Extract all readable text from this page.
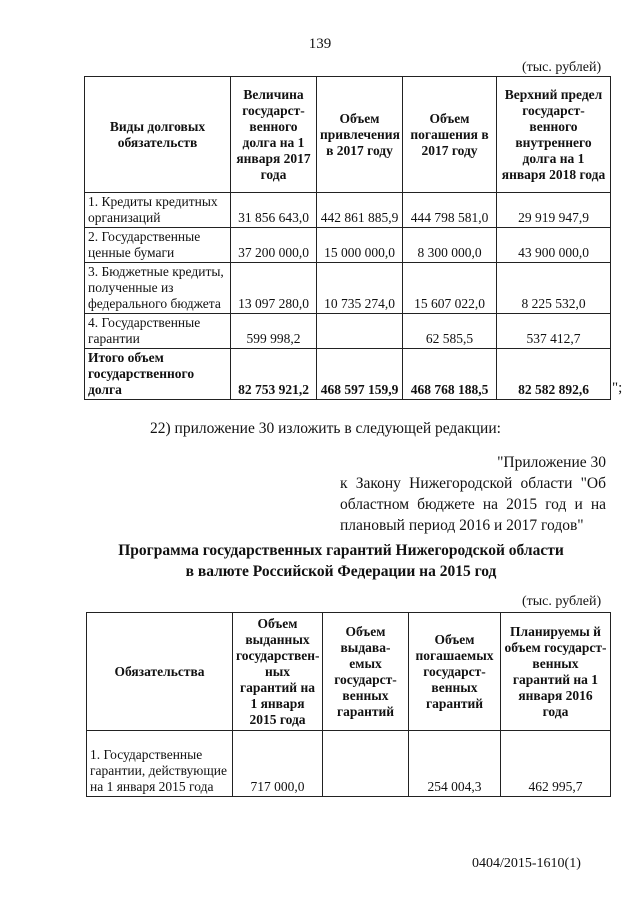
139
(тыс. рублей)
Виды долговых обязательств	Величина государст-венного долга на 1 января 2017 года	Объем привлечения в 2017 году	Объем погашения в 2017 году	Верхний предел государст-венного внутреннего долга на 1 января 2018 года
1. Кредиты кредитных организаций	31 856 643,0	442 861 885,9	444 798 581,0	29 919 947,9
2. Государственные ценные бумаги	37 200 000,0	15 000 000,0	8 300 000,0	43 900 000,0
3. Бюджетные кредиты, полученные из федерального бюджета	13 097 280,0	10 735 274,0	15 607 022,0	8 225 532,0
4. Государственные гарантии	599 998,2		62 585,5	537 412,7
Итого объем государственного долга	82 753 921,2	468 597 159,9	468 768 188,5	82 582 892,6 ";
22) приложение 30 изложить в следующей редакции:
"Приложение 30
к Закону Нижегородской области "Об областном бюджете на 2015 год и на плановый период 2016 и 2017 годов"
Программа государственных гарантий Нижегородской области
в валюте Российской Федерации на 2015 год
(тыс. рублей)
Обязательства	Объем выданных государствен-ных гарантий на 1 января 2015 года	Объем выдава-емых государст-венных гарантий	Объем погашаемых государст-венных гарантий	Планируемы й объем государст-венных гарантий на 1 января 2016 года
1. Государственные гарантии, действующие на 1 января 2015 года	717 000,0		254 004,3	462 995,7
0404/2015-1610(1)
